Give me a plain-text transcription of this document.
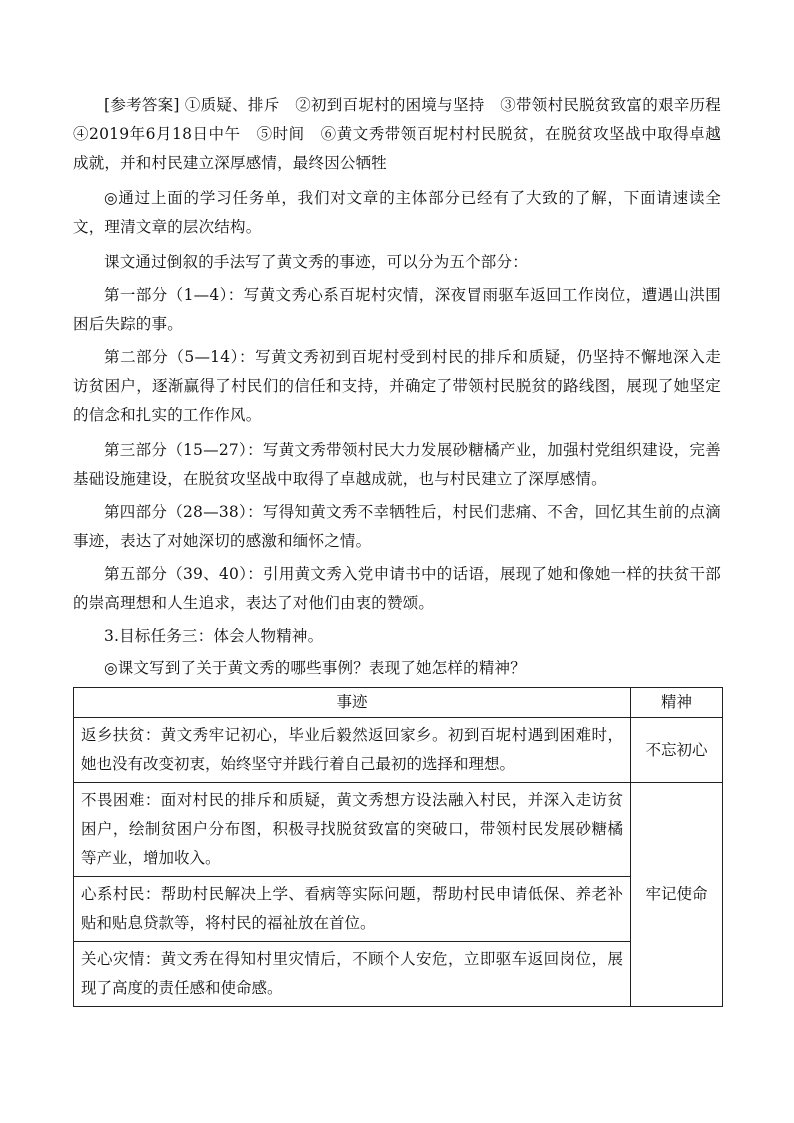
[参考答案] ①质疑、排斥　②初到百坭村的困境与坚持　③带领村民脱贫致富的艰辛历程　④2019年6月18日中午　⑤时间　⑥黄文秀带领百坭村村民脱贫，在脱贫攻坚战中取得卓越成就，并和村民建立深厚感情，最终因公牺牲

◎通过上面的学习任务单，我们对文章的主体部分已经有了大致的了解，下面请速读全文，理清文章的层次结构。

课文通过倒叙的手法写了黄文秀的事迹，可以分为五个部分：

第一部分（1—4）：写黄文秀心系百坭村灾情，深夜冒雨驱车返回工作岗位，遭遇山洪围困后失踪的事。

第二部分（5—14）：写黄文秀初到百坭村受到村民的排斥和质疑，仍坚持不懈地深入走访贫困户，逐渐赢得了村民们的信任和支持，并确定了带领村民脱贫的路线图，展现了她坚定的信念和扎实的工作作风。

第三部分（15—27）：写黄文秀带领村民大力发展砂糖橘产业，加强村党组织建设，完善基础设施建设，在脱贫攻坚战中取得了卓越成就，也与村民建立了深厚感情。

第四部分（28—38）：写得知黄文秀不幸牺牲后，村民们悲痛、不舍，回忆其生前的点滴事迹，表达了对她深切的感激和缅怀之情。

第五部分（39、40）：引用黄文秀入党申请书中的话语，展现了她和像她一样的扶贫干部的崇高理想和人生追求，表达了对他们由衷的赞颂。

3.目标任务三：体会人物精神。

◎课文写到了关于黄文秀的哪些事例？表现了她怎样的精神？

事迹	精神
返乡扶贫：黄文秀牢记初心，毕业后毅然返回家乡。初到百坭村遇到困难时，她也没有改变初衷，始终坚守并践行着自己最初的选择和理想。	不忘初心
不畏困难：面对村民的排斥和质疑，黄文秀想方设法融入村民，并深入走访贫困户，绘制贫困户分布图，积极寻找脱贫致富的突破口，带领村民发展砂糖橘等产业，增加收入。	牢记使命
心系村民：帮助村民解决上学、看病等实际问题，帮助村民申请低保、养老补贴和贴息贷款等，将村民的福祉放在首位。	
关心灾情：黄文秀在得知村里灾情后，不顾个人安危，立即驱车返回岗位，展现了高度的责任感和使命感。	
